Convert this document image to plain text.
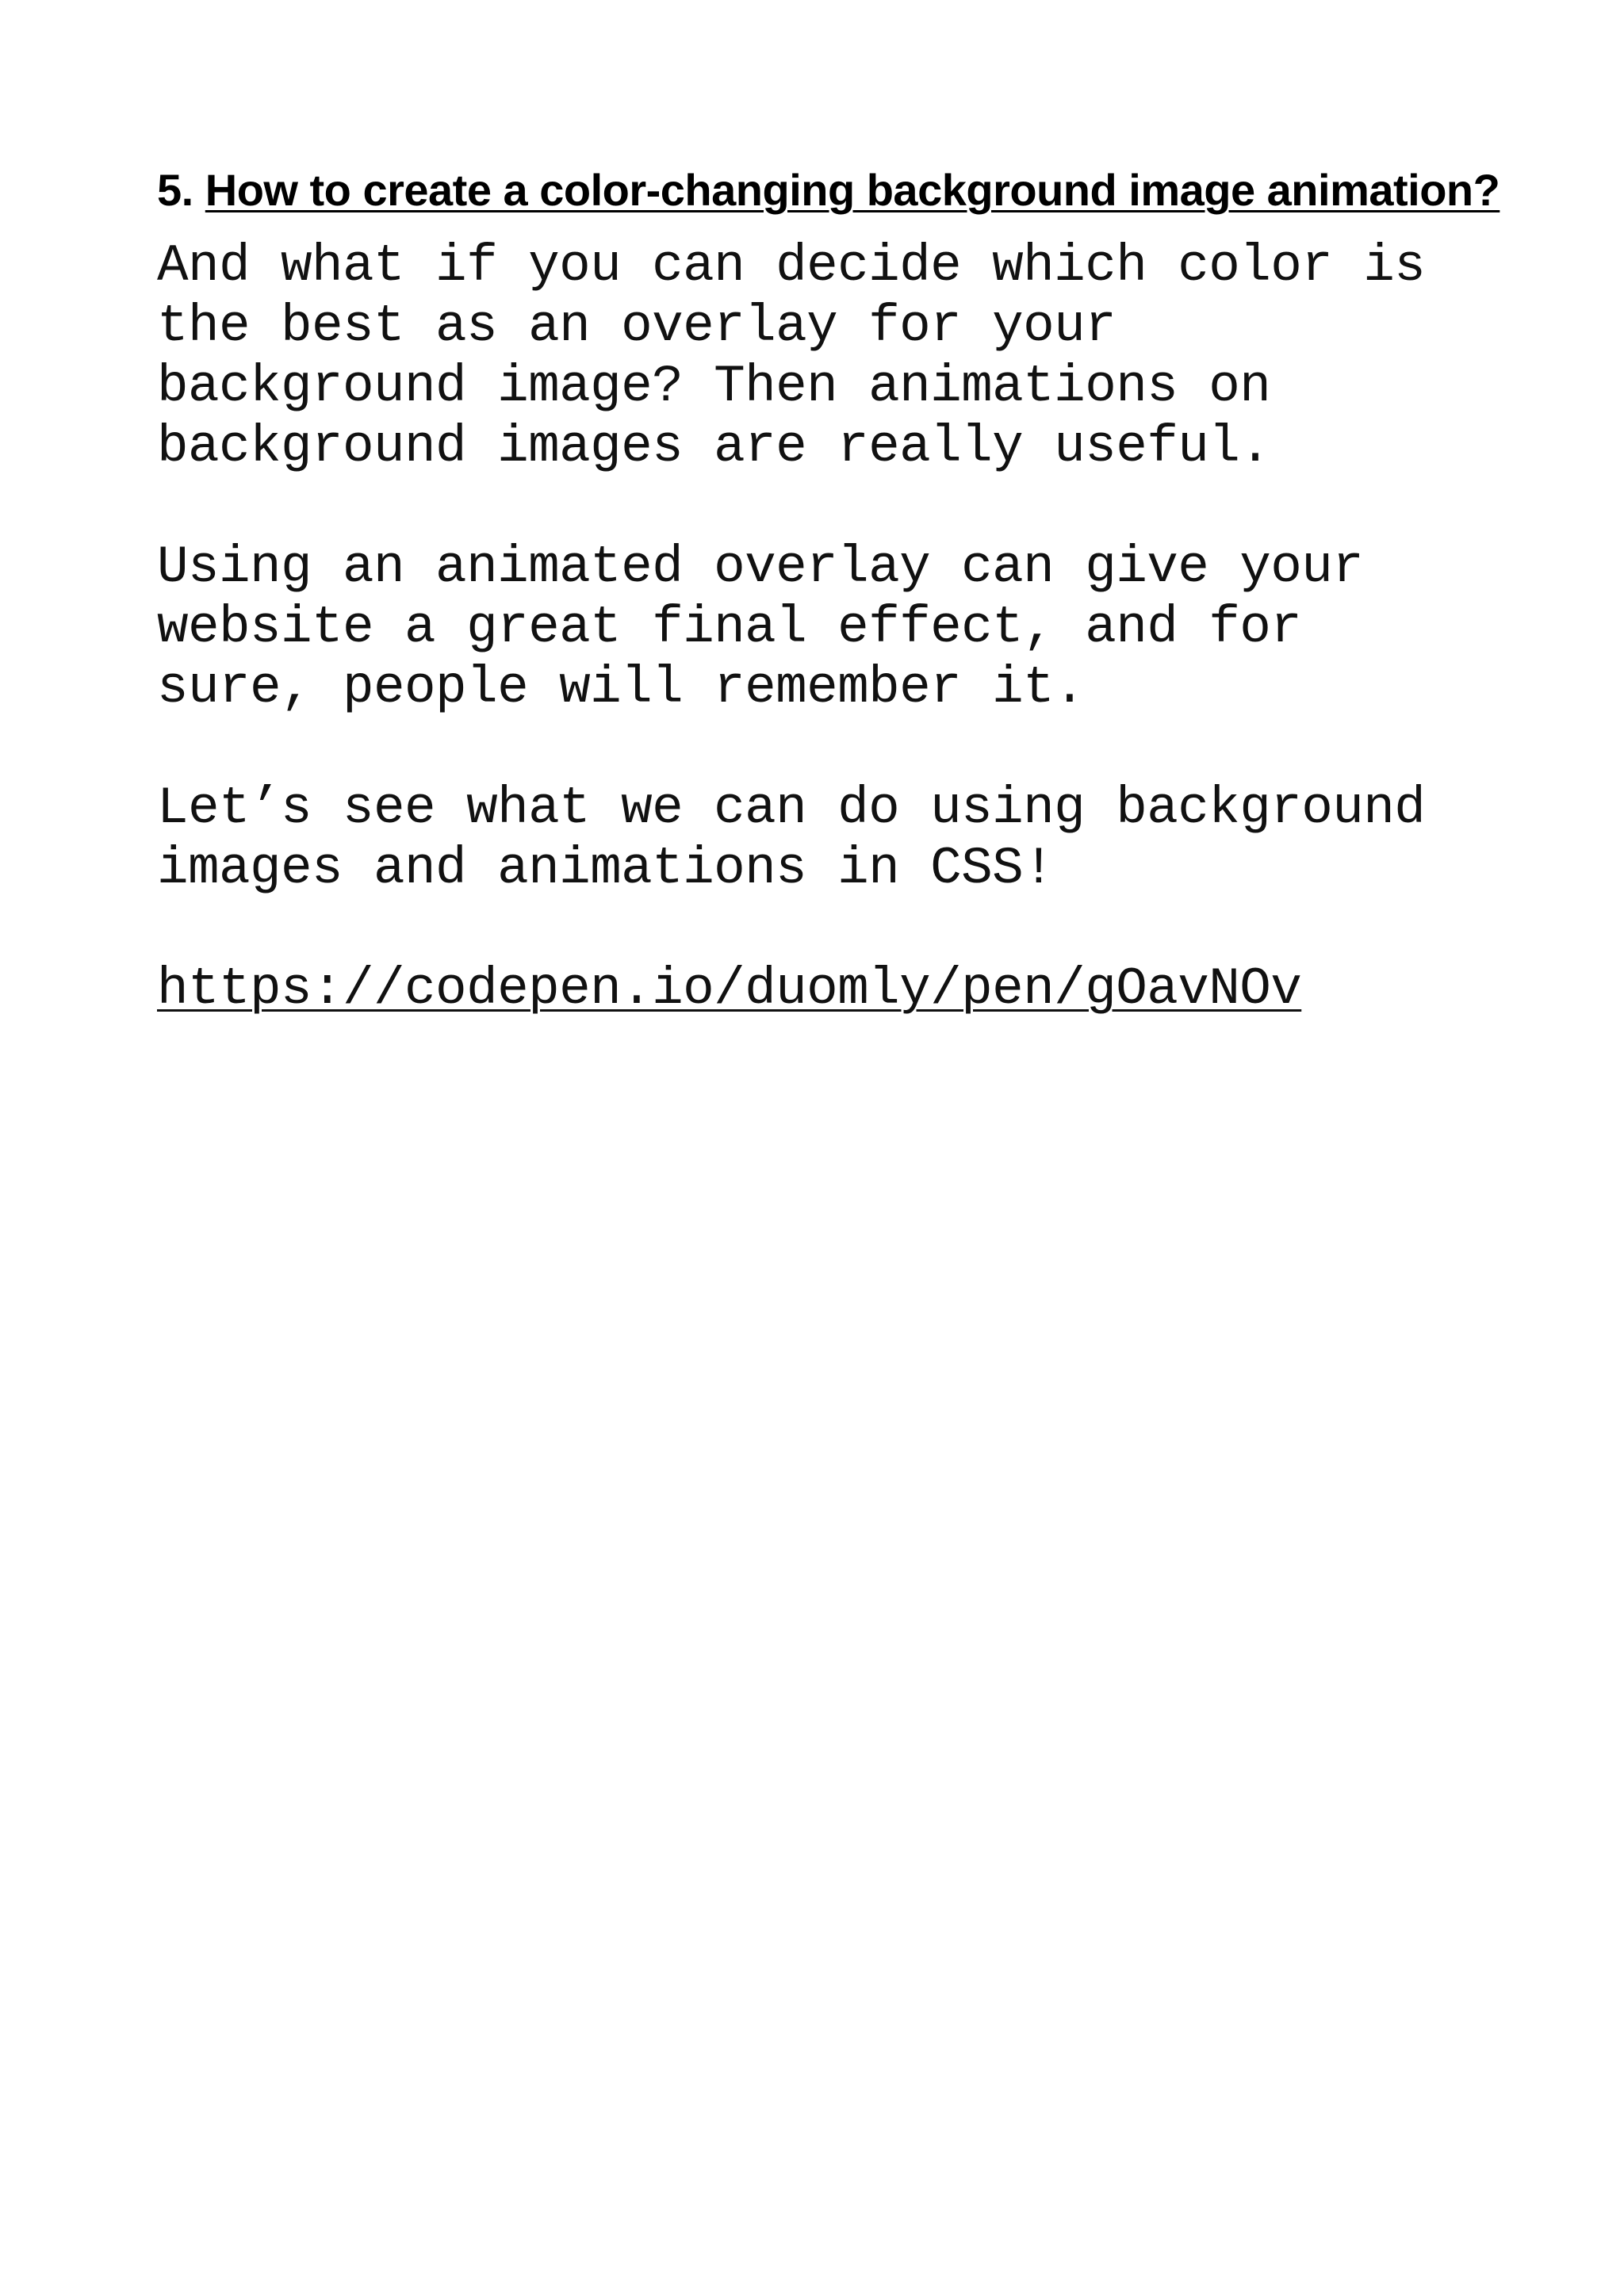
5. How to create a color-changing background image animation?

And what if you can decide which color is
the best as an overlay for your
background image? Then animations on
background images are really useful.

Using an animated overlay can give your
website a great final effect, and for
sure, people will remember it.

Let’s see what we can do using background
images and animations in CSS!

https://codepen.io/duomly/pen/gOavNOv
